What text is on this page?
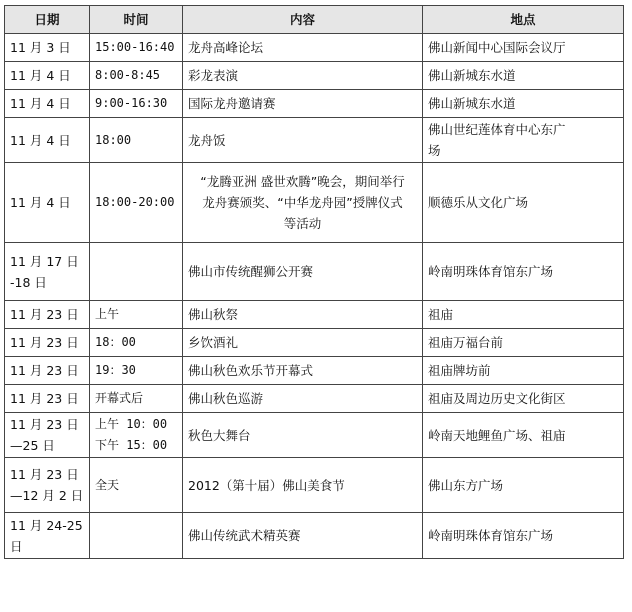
日期	时间	内容	地点

11 月 3 日	15:00-16:40	龙舟高峰论坛	佛山新闻中心国际会议厅

11 月 4 日	8:00-8:45	彩龙表演	佛山新城东水道

11 月 4 日	9:00-16:30	国际龙舟邀请赛	佛山新城东水道

11 月 4 日	18:00	龙舟饭	佛山世纪莲体育中心东广
场

11 月 4 日	18:00-20:00	“龙腾亚洲 盛世欢腾”晚会，期间举行
龙舟赛颁奖、“中华龙舟园”授牌仪式
等活动	顺德乐从文化广场

11 月 17 日
-18 日		佛山市传统醒狮公开赛	岭南明珠体育馆东广场

11 月 23 日	上午	佛山秋祭	祖庙

11 月 23 日	18：00	乡饮酒礼	祖庙万福台前

11 月 23 日	19：30	佛山秋色欢乐节开幕式	祖庙牌坊前

11 月 23 日	开幕式后	佛山秋色巡游	祖庙及周边历史文化街区

11 月 23 日
—25 日	上午 10：00
下午 15：00	秋色大舞台	岭南天地鲤鱼广场、祖庙

11 月 23 日
—12 月 2 日	全天	2012（第十届）佛山美食节	佛山东方广场

11 月 24-25
日		佛山传统武术精英赛	岭南明珠体育馆东广场
